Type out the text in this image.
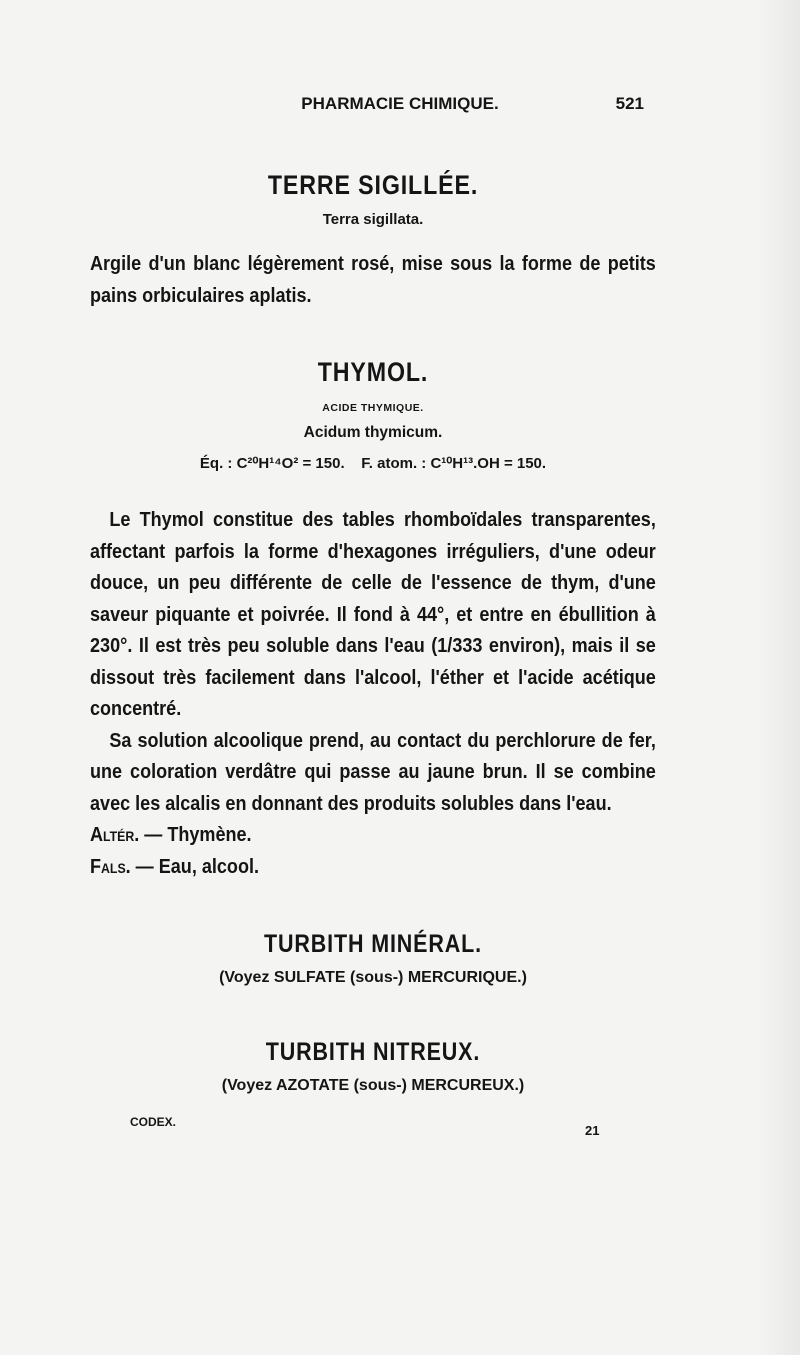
PHARMACIE CHIMIQUE.	521
TERRE SIGILLÉE.
Terra sigillata.

Argile d'un blanc légèrement rosé, mise sous la forme de petits pains orbiculaires aplatis.

THYMOL.
ACIDE THYMIQUE.
Acidum thymicum.
Éq. : C²⁰H¹⁴O² = 150.    F. atom. : C¹⁰H¹³.OH = 150.

Le Thymol constitue des tables rhomboïdales transparentes, affectant parfois la forme d'hexagones irréguliers, d'une odeur douce, un peu différente de celle de l'essence de thym, d'une saveur piquante et poivrée. Il fond à 44°, et entre en ébullition à 230°. Il est très peu soluble dans l'eau (1/333 environ), mais il se dissout très facilement dans l'alcool, l'éther et l'acide acétique concentré.

Sa solution alcoolique prend, au contact du perchlorure de fer, une coloration verdâtre qui passe au jaune brun. Il se combine avec les alcalis en donnant des produits solubles dans l'eau.

Altér. — Thymène.

Fals. — Eau, alcool.

TURBITH MINÉRAL.
(Voyez SULFATE (sous-) MERCURIQUE.)
TURBITH NITREUX.
(Voyez AZOTATE (sous-) MERCUREUX.)
CODEX.
21
